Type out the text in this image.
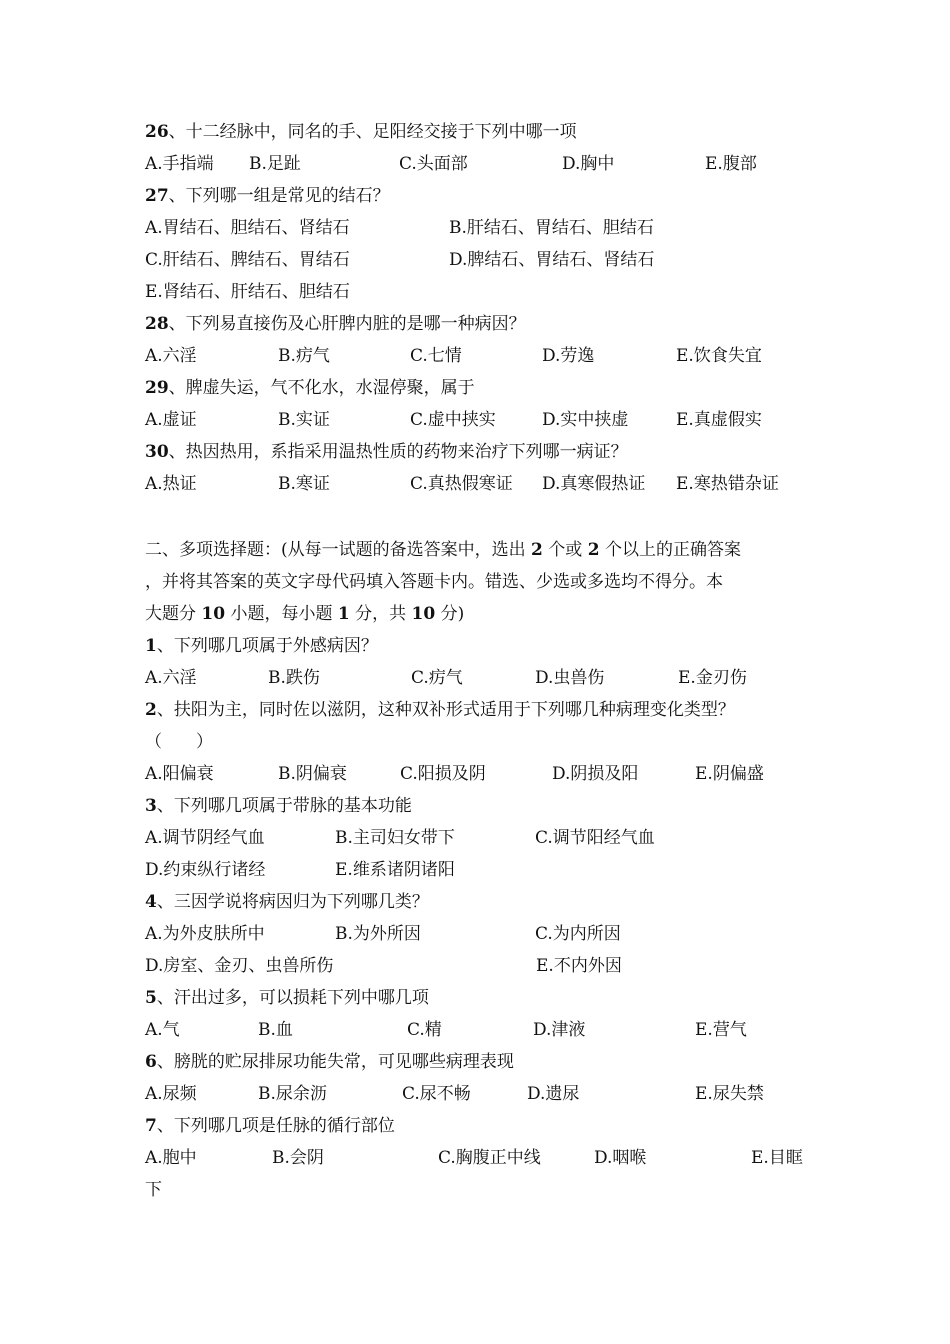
26、十二经脉中，同名的手、足阳经交接于下列中哪一项
A.手指端 B.足趾	C.头面部	D.胸中	E.腹部
27、下列哪一组是常见的结石？
A.胃结石、胆结石、肾结石	B.肝结石、胃结石、胆结石
C.肝结石、脾结石、胃结石	D.脾结石、胃结石、肾结石
E.肾结石、肝结石、胆结石
28、下列易直接伤及心肝脾内脏的是哪一种病因？
A.六淫	B.疠气	C.七情	D.劳逸	E.饮食失宜
29、脾虚失运，气不化水，水湿停聚，属于
A.虚证	B.实证	C.虚中挟实	D.实中挟虚	E.真虚假实
30、热因热用，系指采用温热性质的药物来治疗下列哪一病证？
A.热证	B.寒证	C.真热假寒证 D.真寒假热证 E.寒热错杂证
二、多项选择题：(从每一试题的备选答案中，选出 2 个或 2 个以上的正确答案
，并将其答案的英文字母代码填入答题卡内。错选、少选或多选均不得分。本
大题分 10 小题，每小题 1 分，共 10 分)
1、下列哪几项属于外感病因？
A.六淫	B.跌伤	C.疠气	D.虫兽伤	E.金刃伤
2、扶阳为主，同时佐以滋阴，这种双补形式适用于下列哪几种病理变化类型？
（　　）
A.阳偏衰	B.阴偏衰	C.阳损及阴	D.阴损及阳	E.阴偏盛
3、下列哪几项属于带脉的基本功能
A.调节阴经气血	B.主司妇女带下	C.调节阳经气血
D.约束纵行诸经	E.维系诸阴诸阳
4、三因学说将病因归为下列哪几类？
A.为外皮肤所中	B.为外所因	C.为内所因
D.房室、金刃、虫兽所伤	E.不内外因
5、汗出过多，可以损耗下列中哪几项
A.气	B.血	C.精	D.津液	E.营气
6、膀胱的贮尿排尿功能失常，可见哪些病理表现
A.尿频	B.尿余沥	C.尿不畅	D.遗尿	E.尿失禁
7、下列哪几项是任脉的循行部位
A.胞中	B.会阴	C.胸腹正中线	D.咽喉	E.目眶
下
